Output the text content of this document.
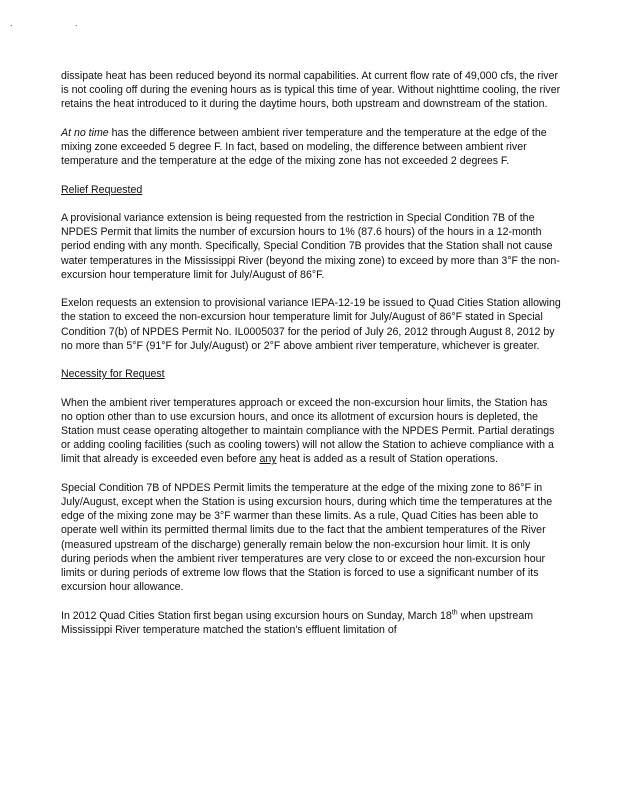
. .

dissipate heat has been reduced beyond its normal capabilities. At current flow rate of 49,000 cfs, the river is not cooling off during the evening hours as is typical this time of year. Without nighttime cooling, the river retains the heat introduced to it during the daytime hours, both upstream and downstream of the station.

At no time has the difference between ambient river temperature and the temperature at the edge of the mixing zone exceeded 5 degree F. In fact, based on modeling, the difference between ambient river temperature and the temperature at the edge of the mixing zone has not exceeded 2 degrees F.

Relief Requested

A provisional variance extension is being requested from the restriction in Special Condition 7B of the NPDES Permit that limits the number of excursion hours to 1% (87.6 hours) of the hours in a 12-month period ending with any month. Specifically, Special Condition 7B provides that the Station shall not cause water temperatures in the Mississippi River (beyond the mixing zone) to exceed by more than 3°F the non-excursion hour temperature limit for July/August of 86°F.

Exelon requests an extension to provisional variance IEPA-12-19 be issued to Quad Cities Station allowing the station to exceed the non-excursion hour temperature limit for July/August of 86°F stated in Special Condition 7(b) of NPDES Permit No. IL0005037 for the period of July 26, 2012 through August 8, 2012 by no more than 5°F (91°F for July/August) or 2°F above ambient river temperature, whichever is greater.

Necessity for Request

When the ambient river temperatures approach or exceed the non-excursion hour limits, the Station has no option other than to use excursion hours, and once its allotment of excursion hours is depleted, the Station must cease operating altogether to maintain compliance with the NPDES Permit. Partial deratings or adding cooling facilities (such as cooling towers) will not allow the Station to achieve compliance with a limit that already is exceeded even before any heat is added as a result of Station operations.

Special Condition 7B of NPDES Permit limits the temperature at the edge of the mixing zone to 86°F in July/August, except when the Station is using excursion hours, during which time the temperatures at the edge of the mixing zone may be 3°F warmer than these limits. As a rule, Quad Cities has been able to operate well within its permitted thermal limits due to the fact that the ambient temperatures of the River (measured upstream of the discharge) generally remain below the non-excursion hour limit. It is only during periods when the ambient river temperatures are very close to or exceed the non-excursion hour limits or during periods of extreme low flows that the Station is forced to use a significant number of its excursion hour allowance.

In 2012 Quad Cities Station first began using excursion hours on Sunday, March 18th when upstream Mississippi River temperature matched the station's effluent limitation of
